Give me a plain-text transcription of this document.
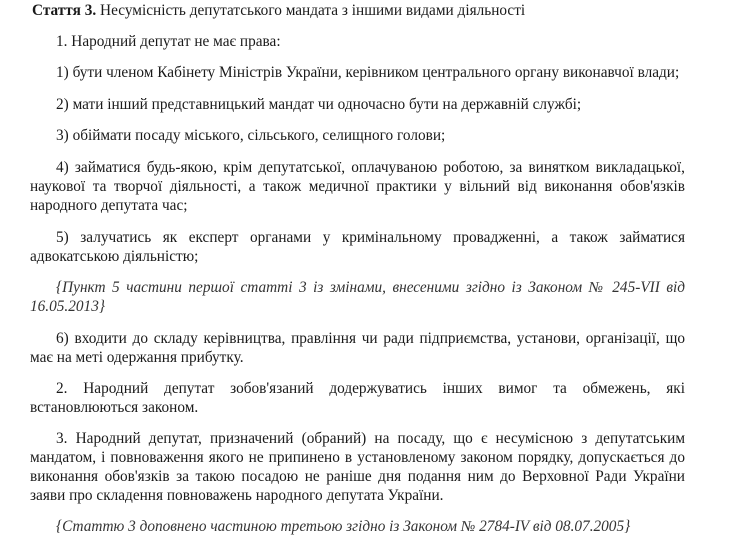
Стаття 3. Несумісність депутатського мандата з іншими видами діяльності

1. Народний депутат не має права:

1) бути членом Кабінету Міністрів України, керівником центрального органу виконавчої влади;

2) мати інший представницький мандат чи одночасно бути на державній службі;

3) обіймати посаду міського, сільського, селищного голови;

4) займатися будь-якою, крім депутатської, оплачуваною роботою, за винятком викладацької, наукової та творчої діяльності, а також медичної практики у вільний від виконання обов'язків народного депутата час;

5) залучатись як експерт органами у кримінальному провадженні, а також займатися адвокатською діяльністю;

{Пункт 5 частини першої статті 3 із змінами, внесеними згідно із Законом № 245-VII від 16.05.2013}

6) входити до складу керівництва, правління чи ради підприємства, установи, організації, що має на меті одержання прибутку.

2. Народний депутат зобов'язаний додержуватись інших вимог та обмежень, які встановлюються законом.

3. Народний депутат, призначений (обраний) на посаду, що є несумісною з депутатським мандатом, і повноваження якого не припинено в установленому законом порядку, допускається до виконання обов'язків за такою посадою не раніше дня подання ним до Верховної Ради України заяви про складення повноважень народного депутата України.

{Статтю 3 доповнено частиною третьою згідно із Законом № 2784-IV від 08.07.2005}
